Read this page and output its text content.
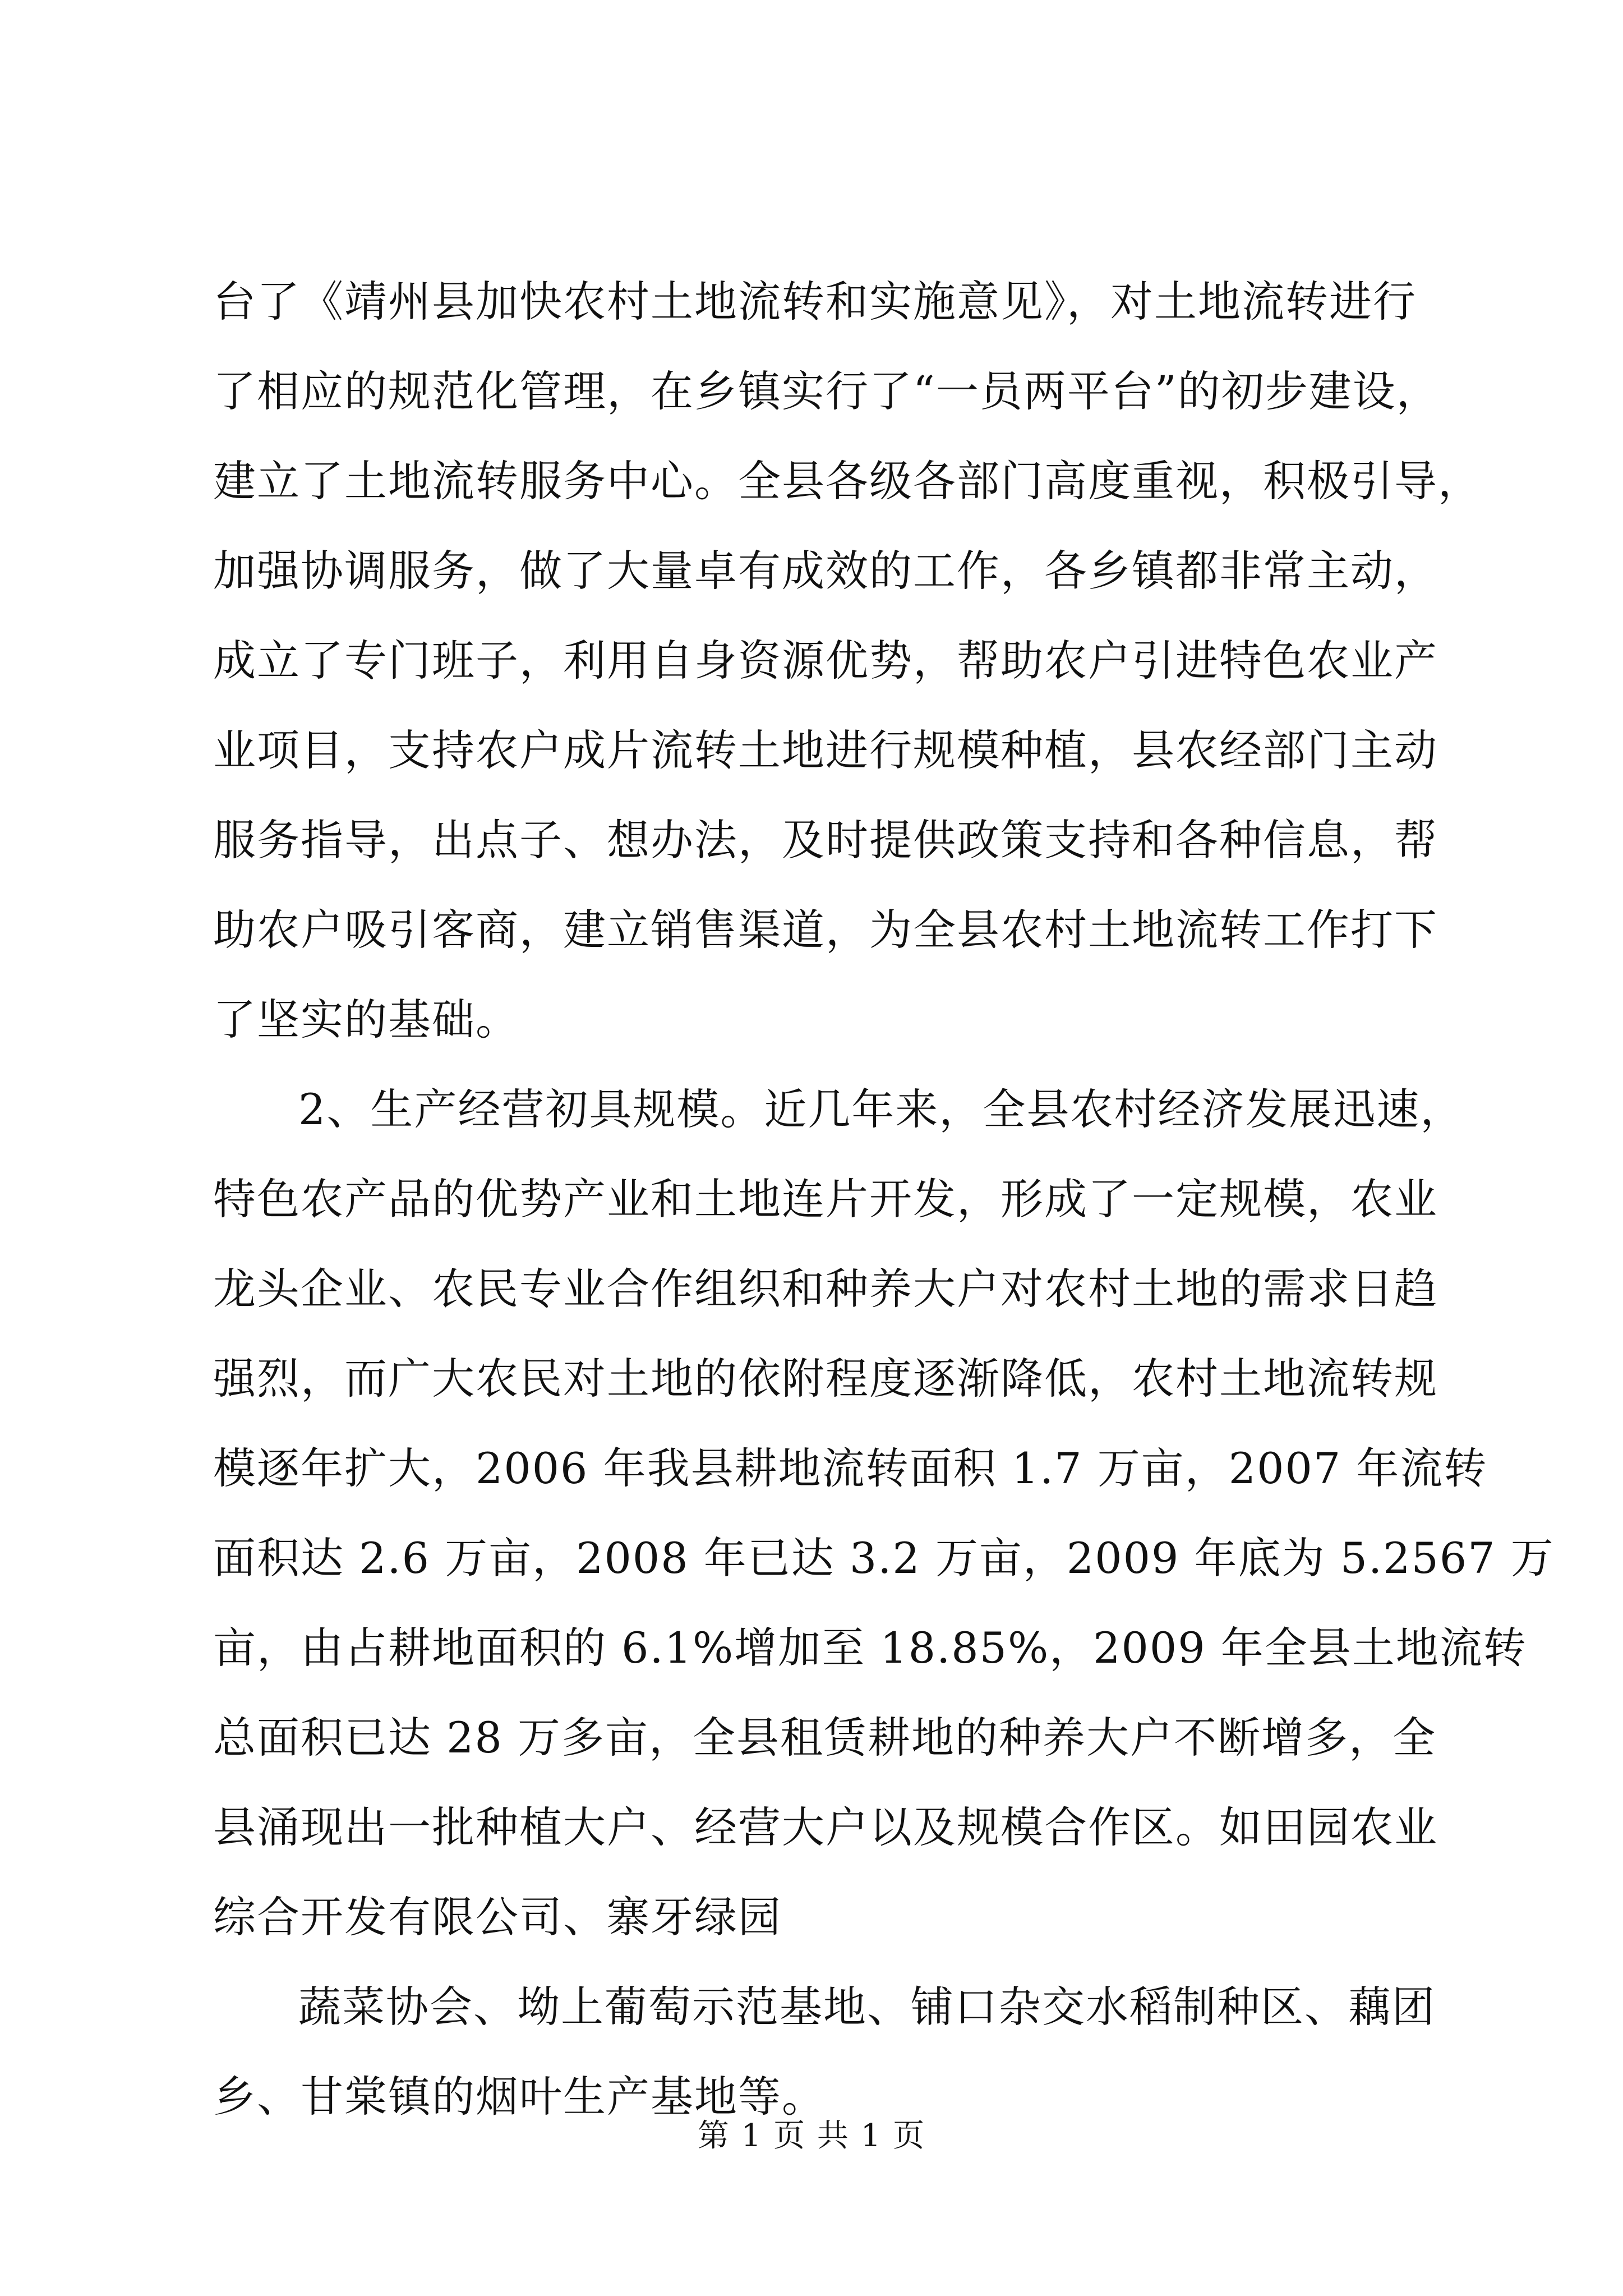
台了《靖州县加快农村土地流转和实施意见》，对土地流转进行
了相应的规范化管理，在乡镇实行了“一员两平台”的初步建设，
建立了土地流转服务中心。全县各级各部门高度重视，积极引导，
加强协调服务，做了大量卓有成效的工作，各乡镇都非常主动，
成立了专门班子，利用自身资源优势，帮助农户引进特色农业产
业项目，支持农户成片流转土地进行规模种植，县农经部门主动
服务指导，出点子、想办法，及时提供政策支持和各种信息，帮
助农户吸引客商，建立销售渠道，为全县农村土地流转工作打下
了坚实的基础。
2、生产经营初具规模。近几年来，全县农村经济发展迅速，
特色农产品的优势产业和土地连片开发，形成了一定规模，农业
龙头企业、农民专业合作组织和种养大户对农村土地的需求日趋
强烈，而广大农民对土地的依附程度逐渐降低，农村土地流转规
模逐年扩大，2006 年我县耕地流转面积 1.7 万亩，2007 年流转
面积达 2.6 万亩，2008 年已达 3.2 万亩，2009 年底为 5.2567 万
亩，由占耕地面积的 6.1%增加至 18.85%，2009 年全县土地流转
总面积已达 28 万多亩，全县租赁耕地的种养大户不断增多，全
县涌现出一批种植大户、经营大户以及规模合作区。如田园农业
综合开发有限公司、寨牙绿园
蔬菜协会、坳上葡萄示范基地、铺口杂交水稻制种区、藕团
乡、甘棠镇的烟叶生产基地等。
第 1 页 共 1 页
